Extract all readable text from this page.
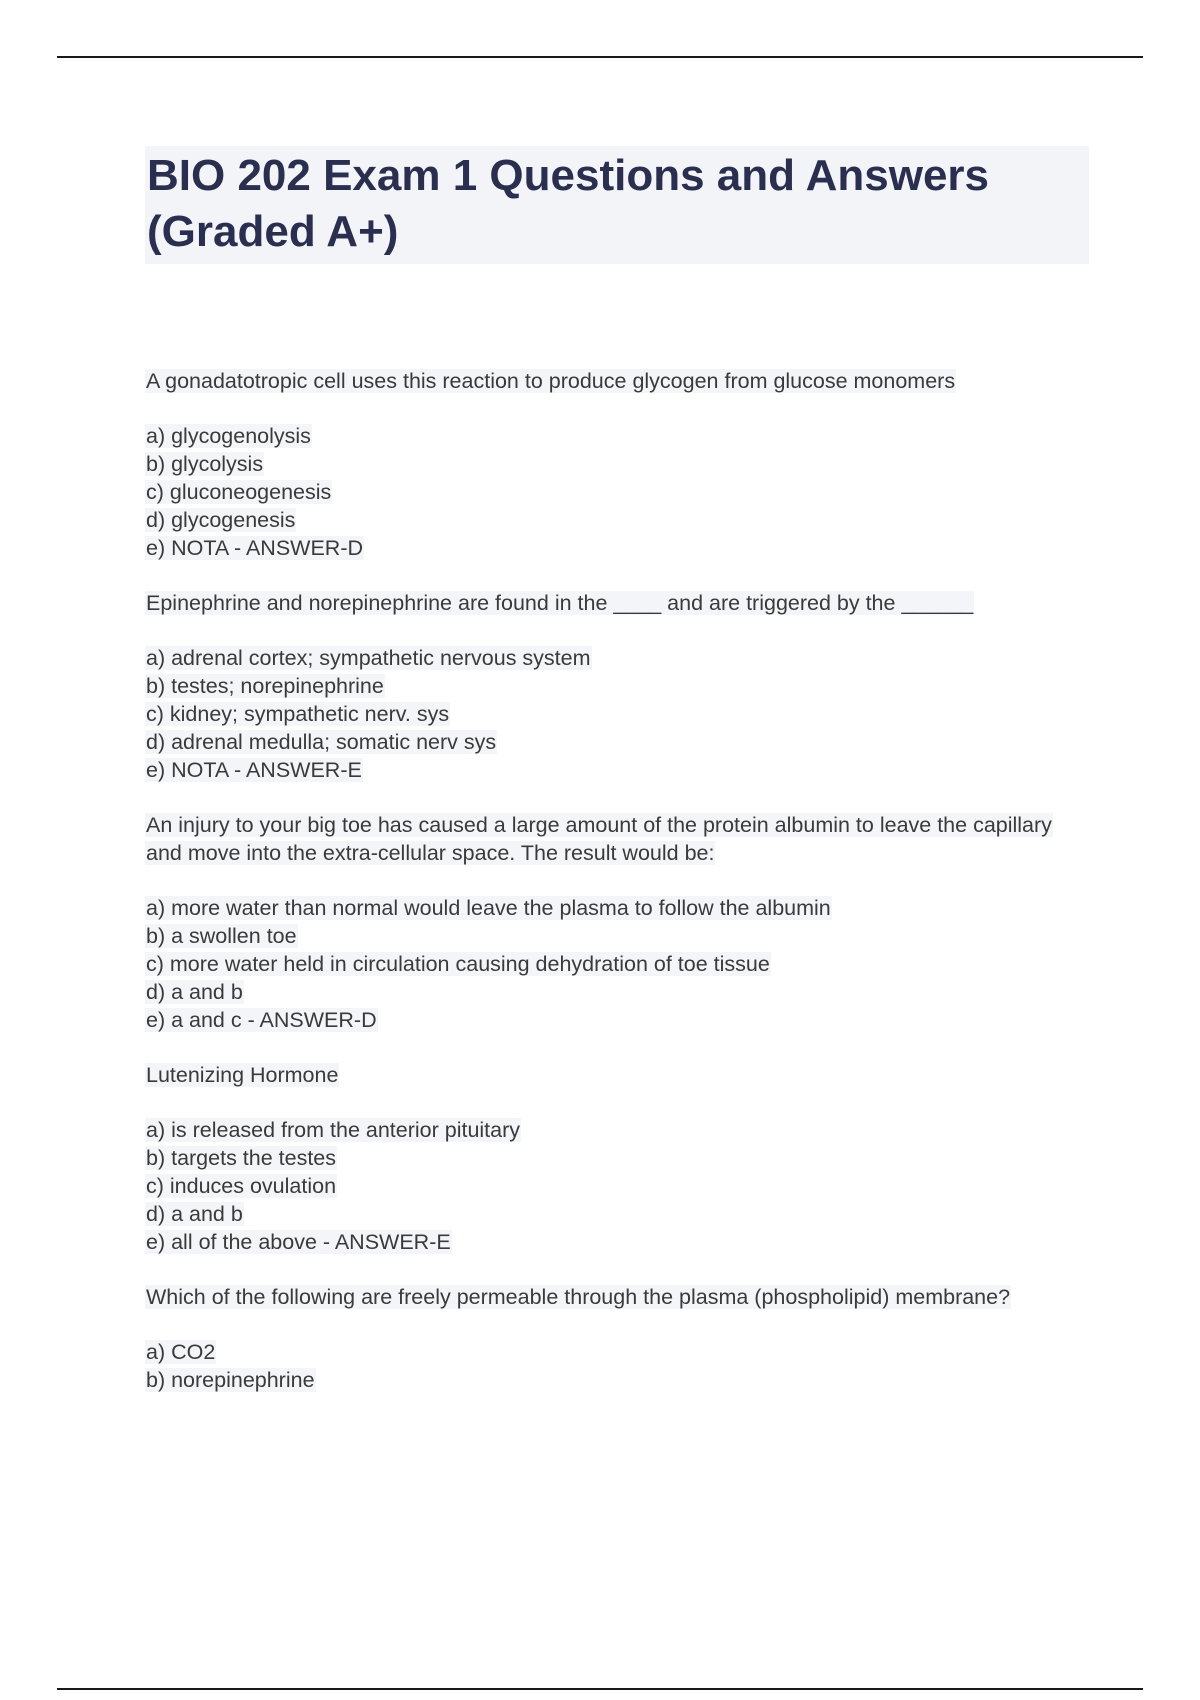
BIO 202 Exam 1 Questions and Answers (Graded A+)

A gonadatotropic cell uses this reaction to produce glycogen from glucose monomers

a) glycogenolysis
b) glycolysis
c) gluconeogenesis
d) glycogenesis
e) NOTA - ANSWER-D

Epinephrine and norepinephrine are found in the ____ and are triggered by the ______

a) adrenal cortex; sympathetic nervous system
b) testes; norepinephrine
c) kidney; sympathetic nerv. sys
d) adrenal medulla; somatic nerv sys
e) NOTA - ANSWER-E

An injury to your big toe has caused a large amount of the protein albumin to leave the capillary and move into the extra-cellular space. The result would be:

a) more water than normal would leave the plasma to follow the albumin
b) a swollen toe
c) more water held in circulation causing dehydration of toe tissue
d) a and b
e) a and c - ANSWER-D

Lutenizing Hormone

a) is released from the anterior pituitary
b) targets the testes
c) induces ovulation
d) a and b
e) all of the above - ANSWER-E

Which of the following are freely permeable through the plasma (phospholipid) membrane?

a) CO2
b) norepinephrine
